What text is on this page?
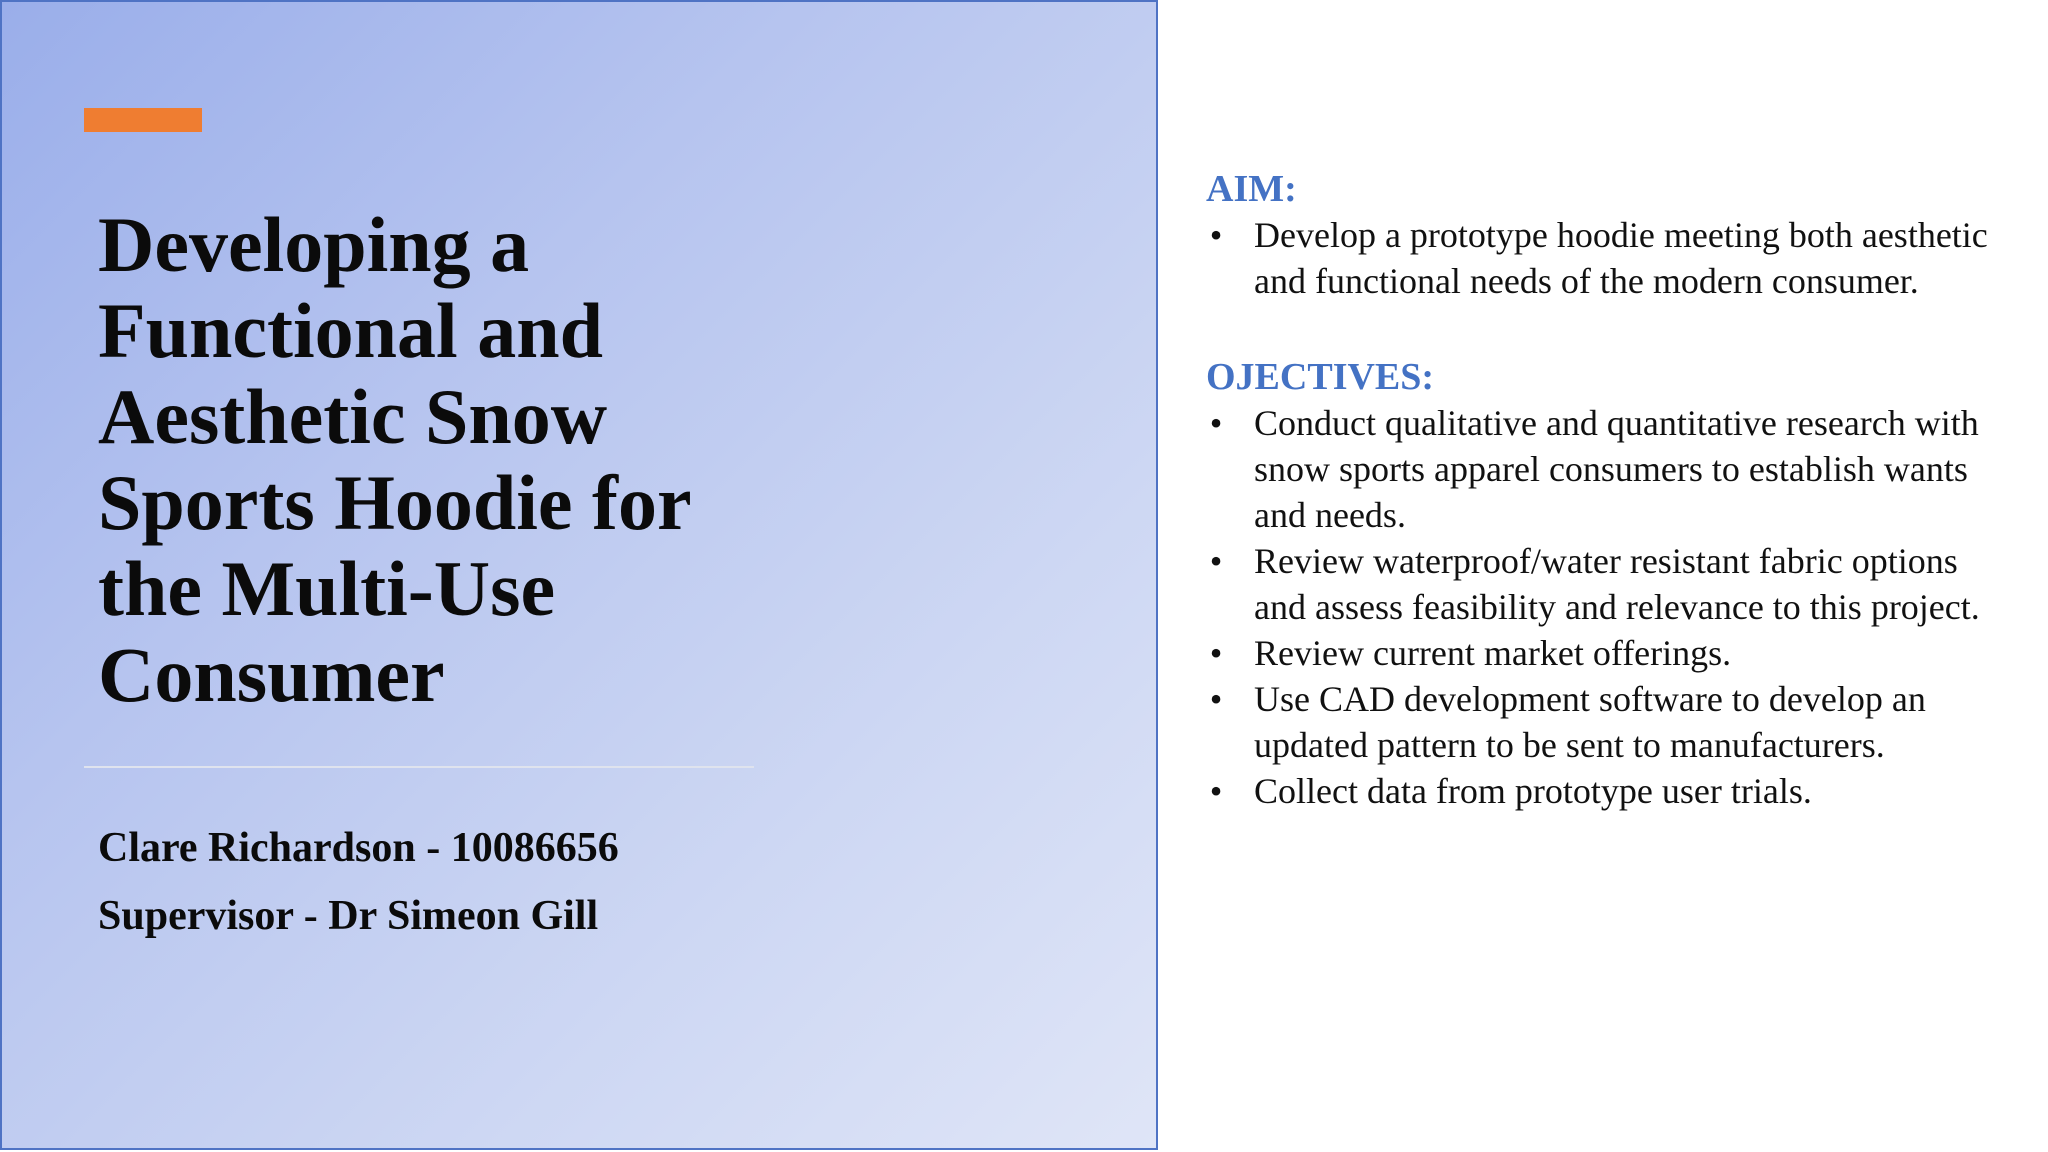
Developing a
Functional and
Aesthetic Snow
Sports Hoodie for
the Multi-Use
Consumer

Clare Richardson - 10086656

Supervisor - Dr Simeon Gill

AIM:
• Develop a prototype hoodie meeting both aesthetic and functional needs of the modern consumer.
OJECTIVES:
• Conduct qualitative and quantitative research with snow sports apparel consumers to establish wants and needs.
• Review waterproof/water resistant fabric options and assess feasibility and relevance to this project.
• Review current market offerings.
• Use CAD development software to develop an updated pattern to be sent to manufacturers.
• Collect data from prototype user trials.
